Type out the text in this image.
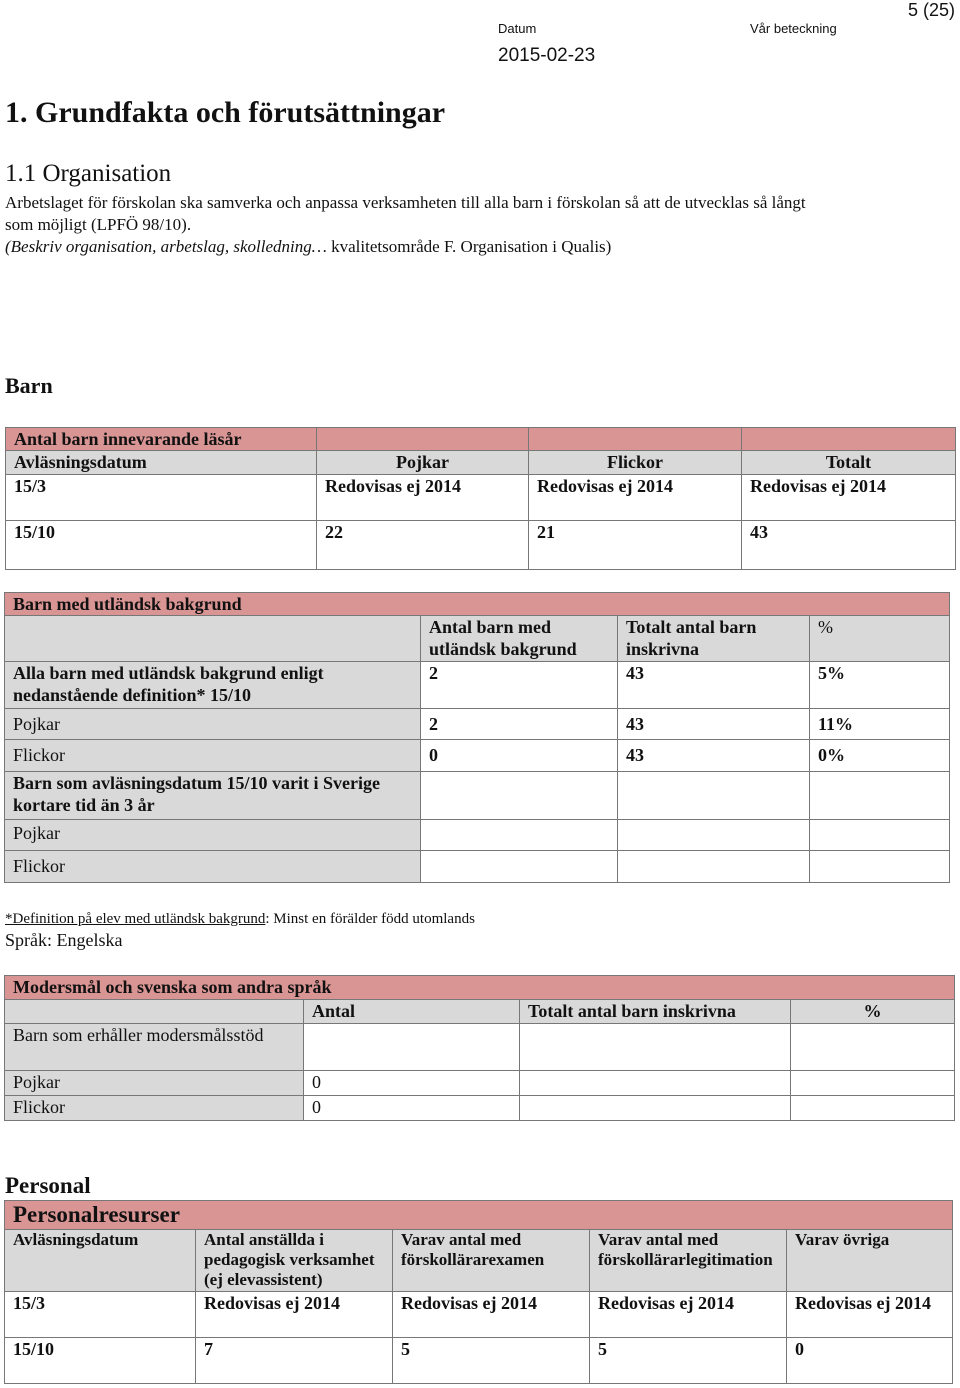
5 (25)
Datum	Vår beteckning
2015-02-23
1. Grundfakta och förutsättningar
1.1 Organisation
Arbetslaget för förskolan ska samverka och anpassa verksamheten till alla barn i förskolan så att de utvecklas så långt
som möjligt (LPFÖ 98/10).
(Beskriv organisation, arbetslag, skolledning… kvalitetsområde F. Organisation i Qualis)
Barn
Antal barn innevarande läsår			
Avläsningsdatum	Pojkar	Flickor	Totalt
15/3	Redovisas ej 2014	Redovisas ej 2014	Redovisas ej 2014
15/10	22	21	43
Barn med utländsk bakgrund			
	Antal barn med utländsk bakgrund	Totalt antal barn inskrivna	%
Alla barn med utländsk bakgrund enligt nedanstående definition* 15/10	2	43	5%
Pojkar	2	43	11%
Flickor	0	43	0%
Barn som avläsningsdatum 15/10 varit i Sverige kortare tid än 3 år			
Pojkar			
Flickor			
*Definition på elev med utländsk bakgrund: Minst en förälder född utomlands
Språk: Engelska
Modersmål och svenska som andra språk			
	Antal	Totalt antal barn inskrivna	%
Barn som erhåller modersmålsstöd			
Pojkar	0		
Flickor	0		
Personal
Personalresurser				
Avläsningsdatum	Antal anställda i pedagogisk verksamhet (ej elevassistent)	Varav antal med förskollärarexamen	Varav antal med förskollärarlegitimation	Varav övriga
15/3	Redovisas ej 2014	Redovisas ej 2014	Redovisas ej 2014	Redovisas ej 2014
15/10	7	5	5	0
